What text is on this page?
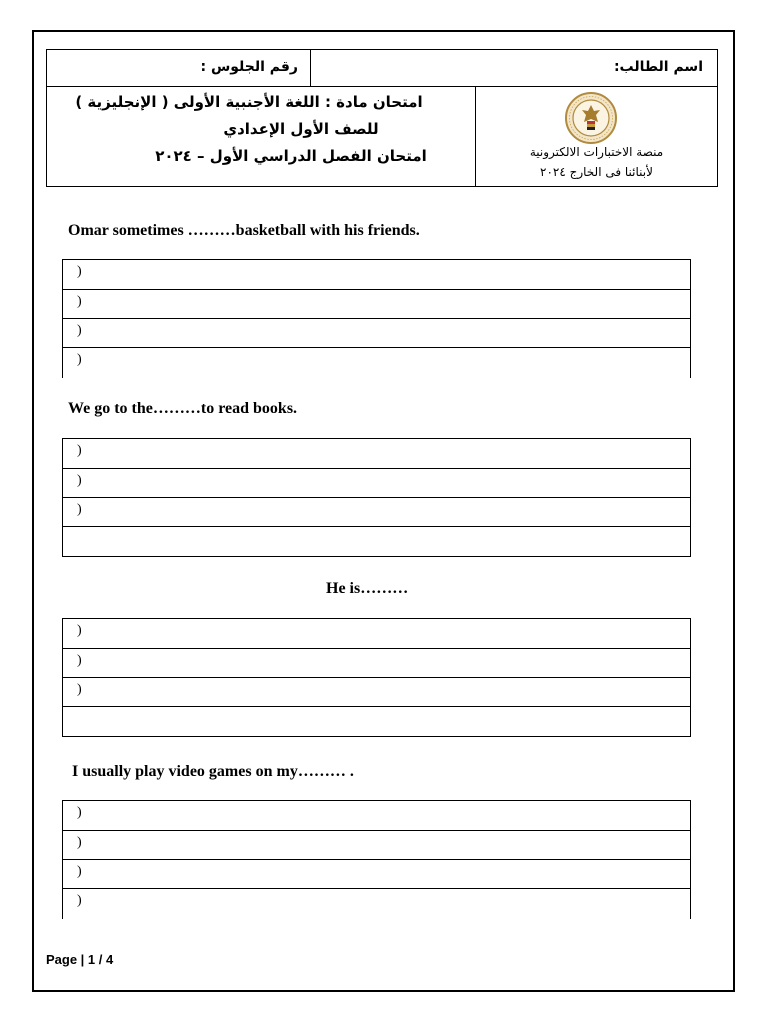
رقم الجلوس :	اسم الطالب:
امتحان مادة : اللغة الأجنبية الأولى ( الإنجليزية )
للصف الأول الإعدادي
امتحان الفصل الدراسي الأول – ٢٠٢٤	منصة الاختبارات الالكترونية
لأبنائنا فى الخارج ٢٠٢٤
Omar sometimes ………basketball with his friends.
)
)
)
)
We go to the………to read books.
)
)
)
He is………
)
)
)
I usually play video games on my……… .
)
)
)
)
Page | 1 / 4
